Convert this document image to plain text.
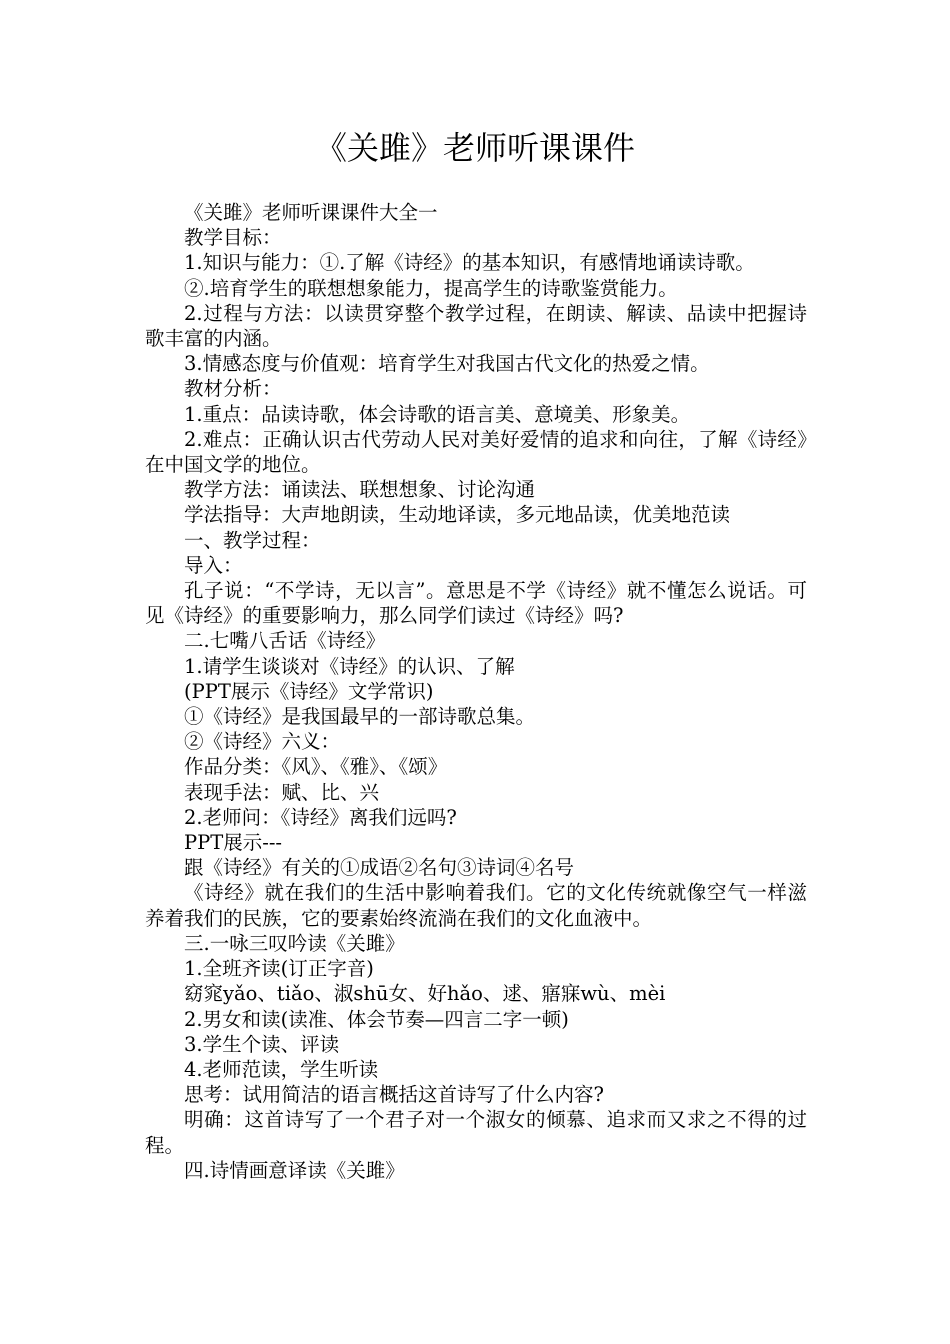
《关雎》老师听课课件

《关雎》老师听课课件大全一

教学目标：

1.知识与能力：①.了解《诗经》的基本知识，有感情地诵读诗歌。

②.培育学生的联想想象能力，提高学生的诗歌鉴赏能力。

2.过程与方法：以读贯穿整个教学过程，在朗读、解读、品读中把握诗歌丰富的内涵。

3.情感态度与价值观：培育学生对我国古代文化的热爱之情。

教材分析：

1.重点：品读诗歌，体会诗歌的语言美、意境美、形象美。

2.难点：正确认识古代劳动人民对美好爱情的追求和向往，了解《诗经》在中国文学的地位。

教学方法：诵读法、联想想象、讨论沟通

学法指导：大声地朗读，生动地译读，多元地品读，优美地范读

一、教学过程：

导入：

孔子说：“不学诗，无以言”。意思是不学《诗经》就不懂怎么说话。可见《诗经》的重要影响力，那么同学们读过《诗经》吗?

二.七嘴八舌话《诗经》

1.请学生谈谈对《诗经》的认识、了解

(PPT展示《诗经》文学常识)

①《诗经》是我国最早的一部诗歌总集。

②《诗经》六义：

作品分类：《风》、《雅》、《颂》

表现手法：赋、比、兴

2.老师问：《诗经》离我们远吗?

PPT展示---

跟《诗经》有关的①成语②名句③诗词④名号

《诗经》就在我们的生活中影响着我们。它的文化传统就像空气一样滋养着我们的民族，它的要素始终流淌在我们的文化血液中。

三.一咏三叹吟读《关雎》

1.全班齐读(订正字音)

窈窕yǎo、tiǎo、淑shū女、好hǎo、逑、寤寐wù、mèi

2.男女和读(读准、体会节奏—四言二字一顿)

3.学生个读、评读

4.老师范读，学生听读

思考：试用简洁的语言概括这首诗写了什么内容?

明确：这首诗写了一个君子对一个淑女的倾慕、追求而又求之不得的过程。

四.诗情画意译读《关雎》
